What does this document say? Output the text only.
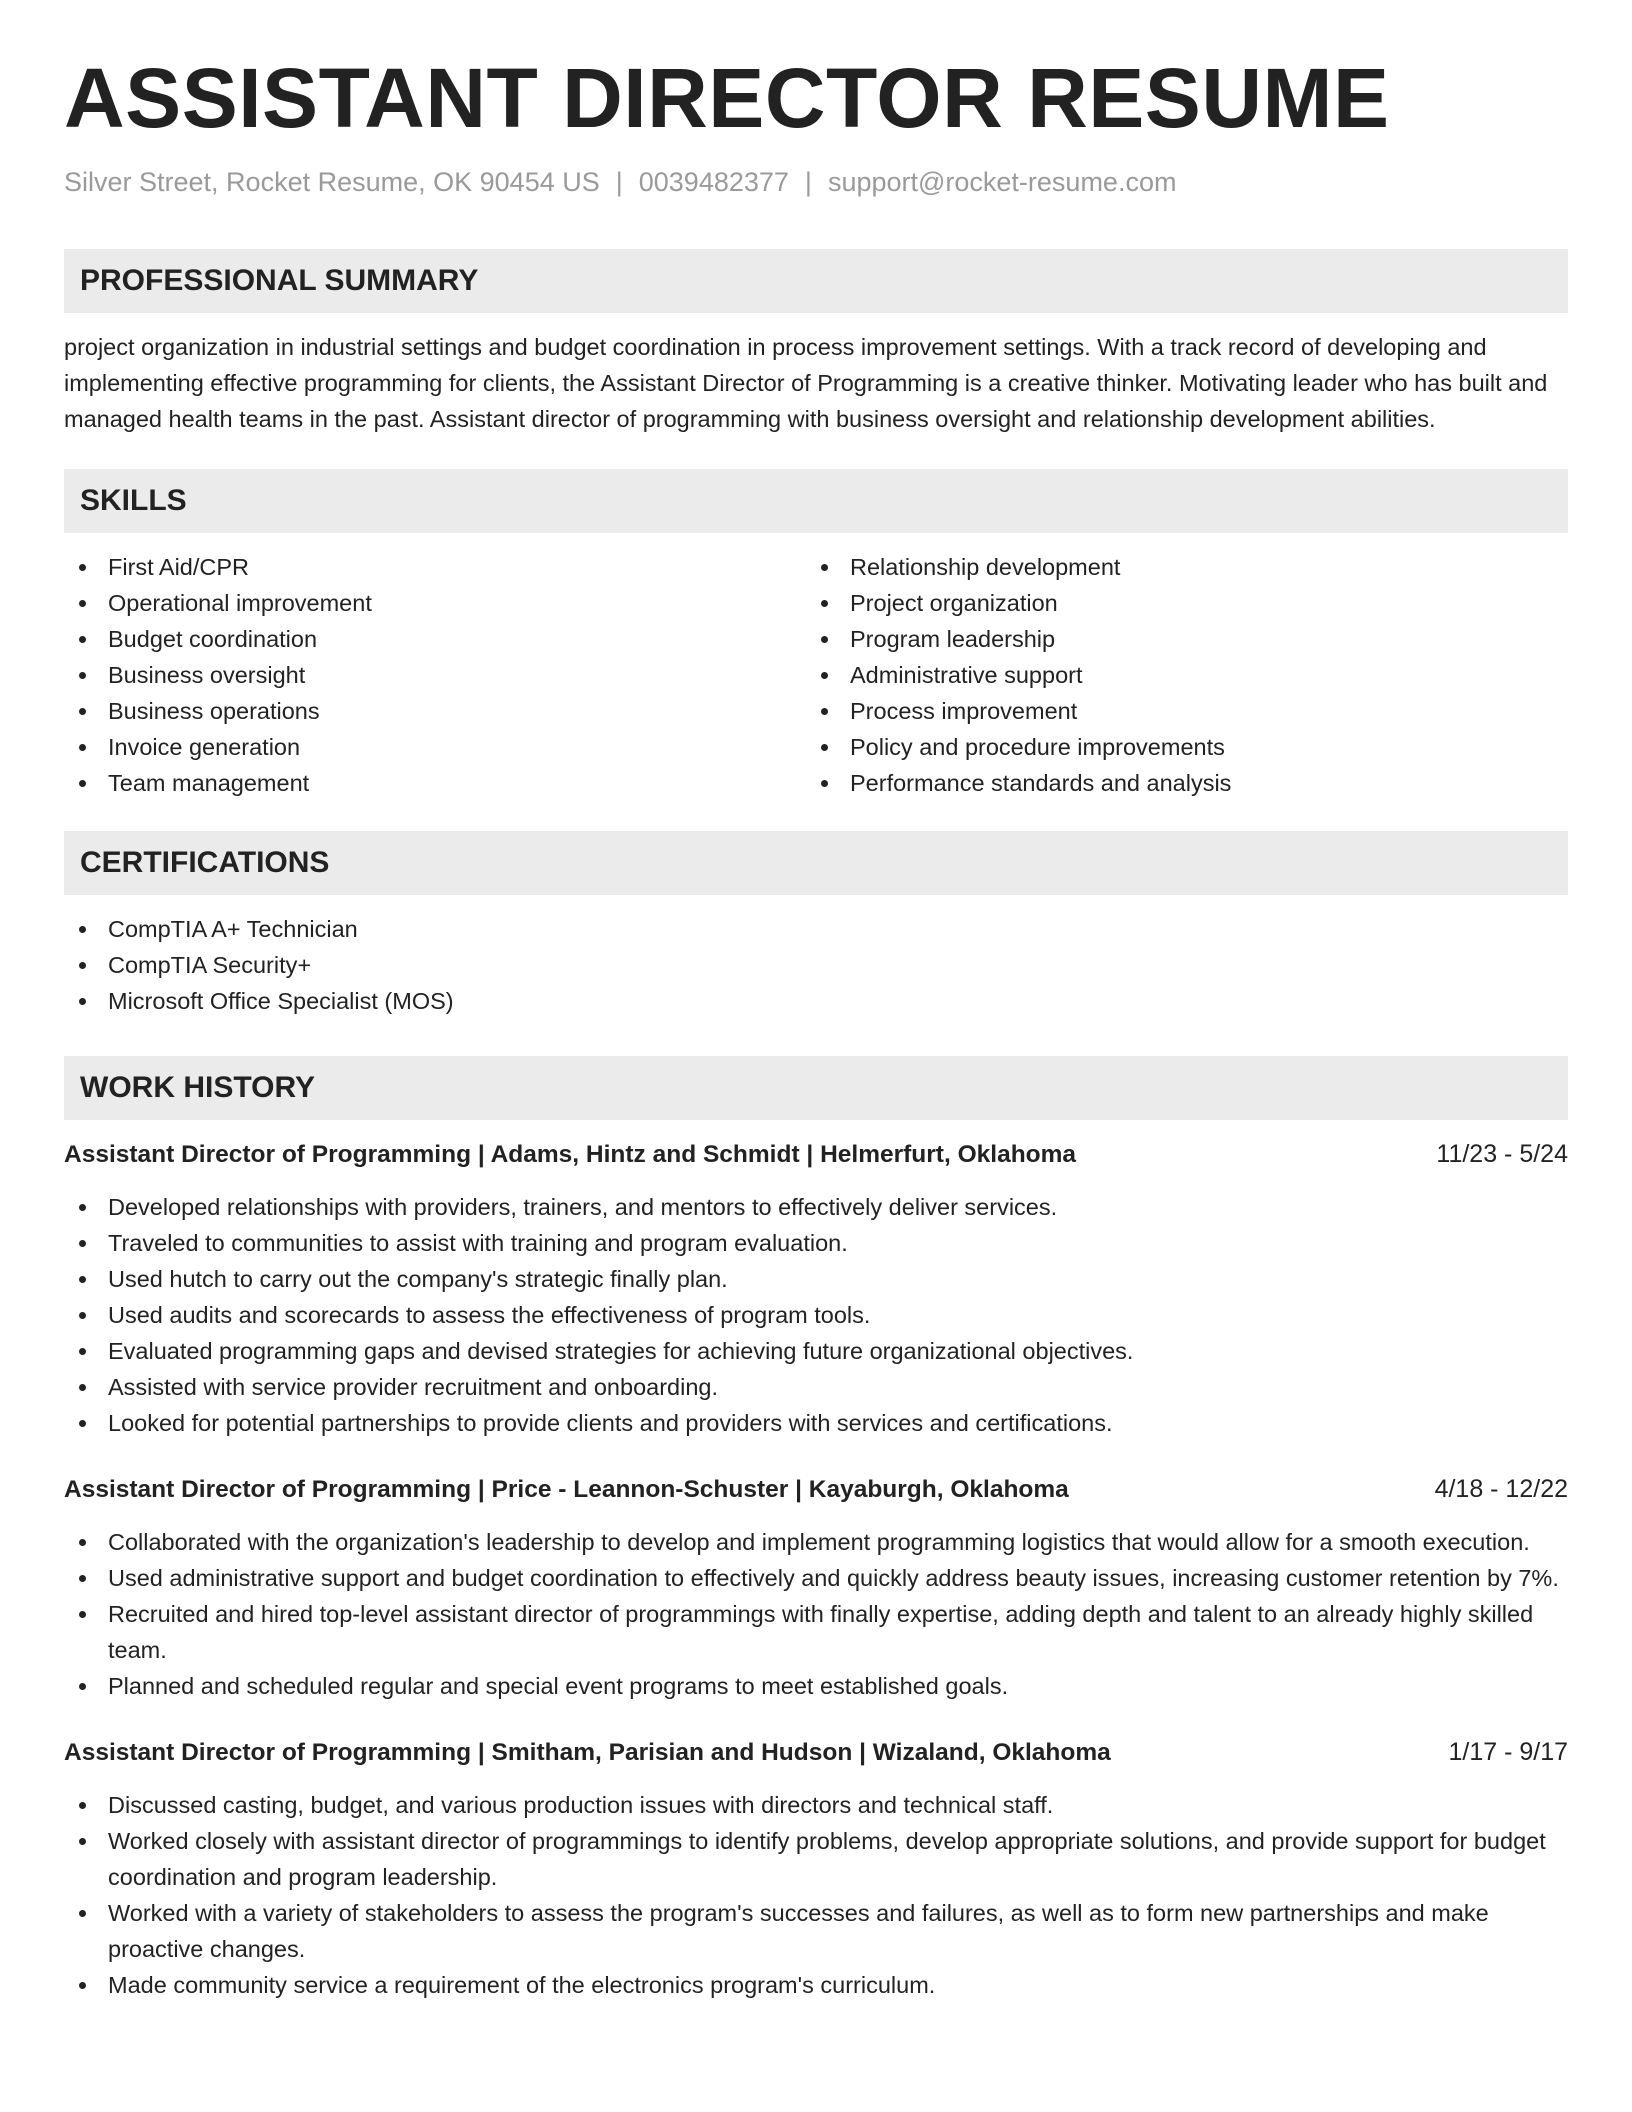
ASSISTANT DIRECTOR RESUME
Silver Street, Rocket Resume, OK 90454 US | 0039482377 | support@rocket-resume.com
PROFESSIONAL SUMMARY
project organization in industrial settings and budget coordination in process improvement settings. With a track record of developing and implementing effective programming for clients, the Assistant Director of Programming is a creative thinker. Motivating leader who has built and managed health teams in the past. Assistant director of programming with business oversight and relationship development abilities.
SKILLS
First Aid/CPR
Operational improvement
Budget coordination
Business oversight
Business operations
Invoice generation
Team management
Relationship development
Project organization
Program leadership
Administrative support
Process improvement
Policy and procedure improvements
Performance standards and analysis
CERTIFICATIONS
CompTIA A+ Technician
CompTIA Security+
Microsoft Office Specialist (MOS)
WORK HISTORY
Assistant Director of Programming | Adams, Hintz and Schmidt | Helmerfurt, Oklahoma	11/23 - 5/24
Developed relationships with providers, trainers, and mentors to effectively deliver services.
Traveled to communities to assist with training and program evaluation.
Used hutch to carry out the company's strategic finally plan.
Used audits and scorecards to assess the effectiveness of program tools.
Evaluated programming gaps and devised strategies for achieving future organizational objectives.
Assisted with service provider recruitment and onboarding.
Looked for potential partnerships to provide clients and providers with services and certifications.
Assistant Director of Programming | Price - Leannon-Schuster | Kayaburgh, Oklahoma	4/18 - 12/22
Collaborated with the organization's leadership to develop and implement programming logistics that would allow for a smooth execution.
Used administrative support and budget coordination to effectively and quickly address beauty issues, increasing customer retention by 7%.
Recruited and hired top-level assistant director of programmings with finally expertise, adding depth and talent to an already highly skilled team.
Planned and scheduled regular and special event programs to meet established goals.
Assistant Director of Programming | Smitham, Parisian and Hudson | Wizaland, Oklahoma	1/17 - 9/17
Discussed casting, budget, and various production issues with directors and technical staff.
Worked closely with assistant director of programmings to identify problems, develop appropriate solutions, and provide support for budget coordination and program leadership.
Worked with a variety of stakeholders to assess the program's successes and failures, as well as to form new partnerships and make proactive changes.
Made community service a requirement of the electronics program's curriculum.
